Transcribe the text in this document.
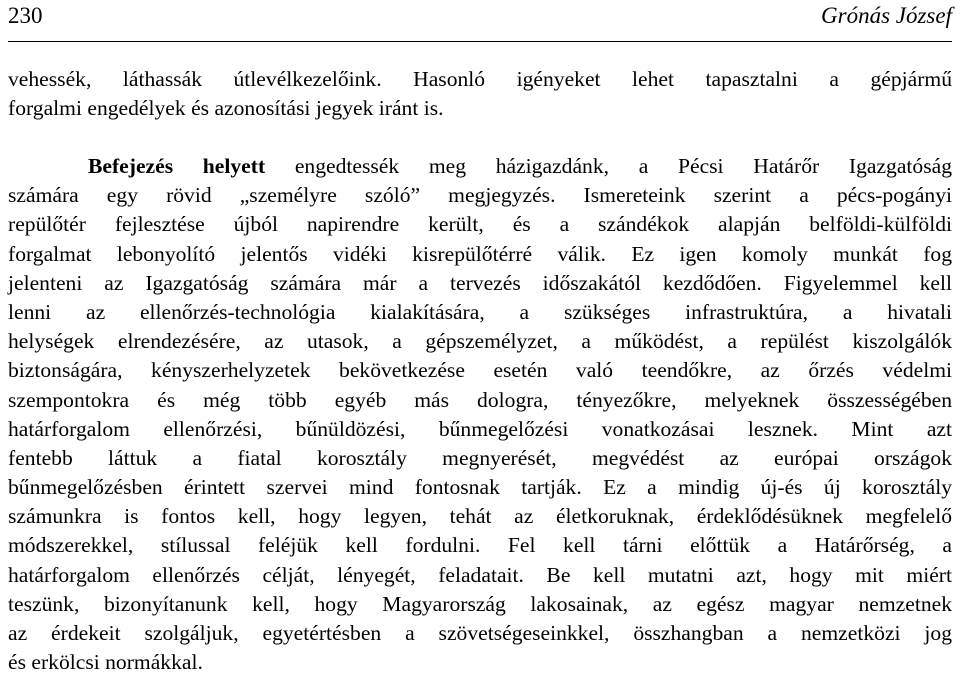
230	Grónás József
vehessék, láthassák útlevélkezelőink. Hasonló igényeket lehet tapasztalni a gépjármű
forgalmi engedélyek és azonosítási jegyek iránt is.
Befejezés helyett engedtessék meg házigazdánk, a Pécsi Határőr Igazgatóság
számára egy rövid „személyre szóló” megjegyzés. Ismereteink szerint a pécs-pogányi
repülőtér fejlesztése újból napirendre került, és a szándékok alapján belföldi-külföldi
forgalmat lebonyolító jelentős vidéki kisrepülőtérré válik. Ez igen komoly munkát fog
jelenteni az Igazgatóság számára már a tervezés időszakától kezdődően. Figyelemmel kell
lenni az ellenőrzés-technológia kialakítására, a szükséges infrastruktúra, a hivatali
helységek elrendezésére, az utasok, a gépszemélyzet, a működést, a repülést kiszolgálók
biztonságára, kényszerhelyzetek bekövetkezése esetén való teendőkre, az őrzés védelmi
szempontokra és még több egyéb más dologra, tényezőkre, melyeknek összességében
határforgalom ellenőrzési, bűnüldözési, bűnmegelőzési vonatkozásai lesznek. Mint azt
fentebb láttuk a fiatal korosztály megnyerését, megvédést az európai országok
bűnmegelőzésben érintett szervei mind fontosnak tartják. Ez a mindig új-és új korosztály
számunkra is fontos kell, hogy legyen, tehát az életkoruknak, érdeklődésüknek megfelelő
módszerekkel, stílussal feléjük kell fordulni. Fel kell tárni előttük a Határőrség, a
határforgalom ellenőrzés célját, lényegét, feladatait. Be kell mutatni azt, hogy mit miért
teszünk, bizonyítanunk kell, hogy Magyarország lakosainak, az egész magyar nemzetnek
az érdekeit szolgáljuk, egyetértésben a szövetségeseinkkel, összhangban a nemzetközi jog
és erkölcsi normákkal.
